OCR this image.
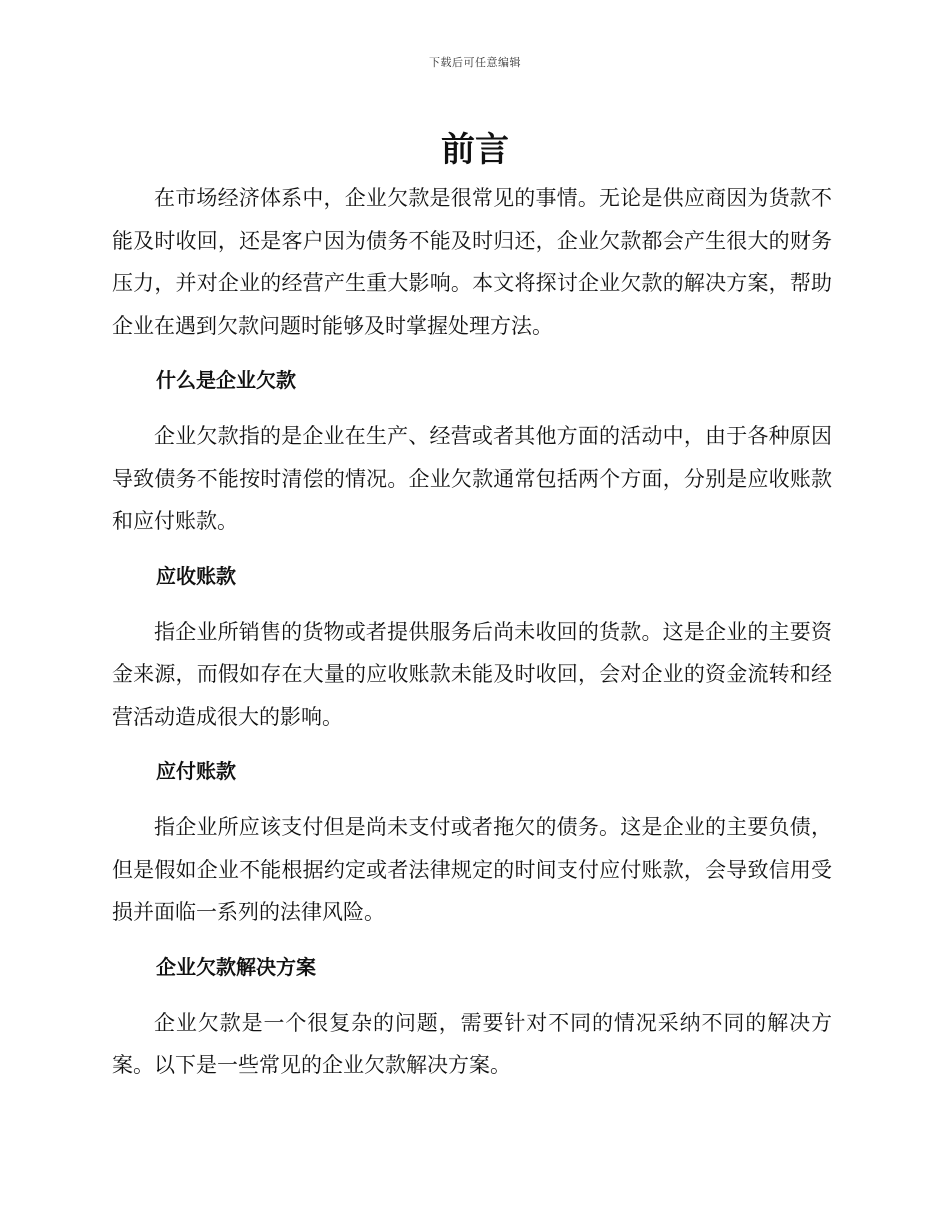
下载后可任意编辑
前言

在市场经济体系中，企业欠款是很常见的事情。无论是供应商因为货款不能及时收回，还是客户因为债务不能及时归还，企业欠款都会产生很大的财务压力，并对企业的经营产生重大影响。本文将探讨企业欠款的解决方案，帮助企业在遇到欠款问题时能够及时掌握处理方法。

什么是企业欠款

企业欠款指的是企业在生产、经营或者其他方面的活动中，由于各种原因导致债务不能按时清偿的情况。企业欠款通常包括两个方面，分别是应收账款和应付账款。

应收账款

指企业所销售的货物或者提供服务后尚未收回的货款。这是企业的主要资金来源，而假如存在大量的应收账款未能及时收回，会对企业的资金流转和经营活动造成很大的影响。

应付账款

指企业所应该支付但是尚未支付或者拖欠的债务。这是企业的主要负债，但是假如企业不能根据约定或者法律规定的时间支付应付账款，会导致信用受损并面临一系列的法律风险。

企业欠款解决方案

企业欠款是一个很复杂的问题，需要针对不同的情况采纳不同的解决方案。以下是一些常见的企业欠款解决方案。
